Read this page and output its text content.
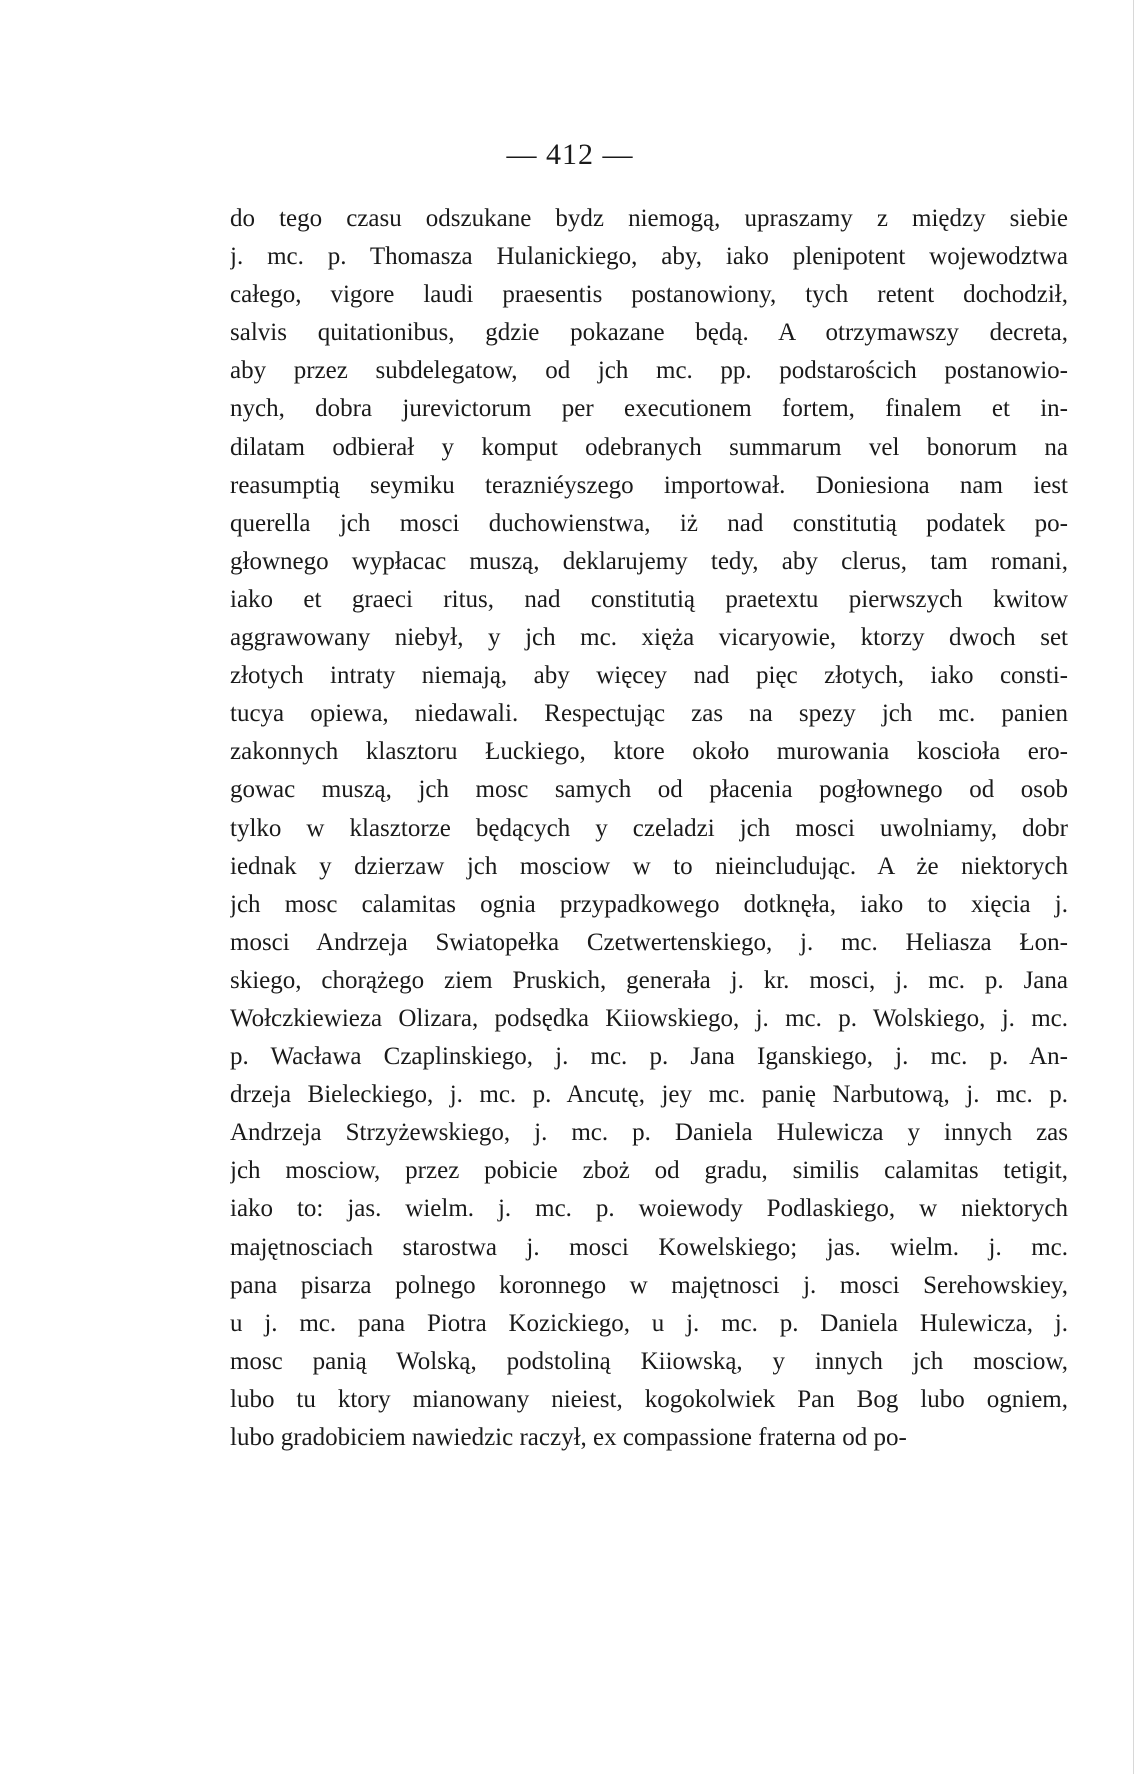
— 412 —
do tego czasu odszukane bydz niemogą, upraszamy z między siebie
j. mc. p. Thomasza Hulanickiego, aby, iako plenipotent wojewodztwa
całego, vigore laudi praesentis postanowiony, tych retent dochodził,
salvis quitationibus, gdzie pokazane będą. A otrzymawszy decreta,
aby przez subdelegatow, od jch mc. pp. podstarościch postanowio-
nych, dobra jurevictorum per executionem fortem, finalem et in-
dilatam odbierał y komput odebranych summarum vel bonorum na
reasumptią seymiku terazniéyszego importował. Doniesiona nam iest
querella jch mosci duchowienstwa, iż nad constitutią podatek po-
głownego wypłacac muszą, deklarujemy tedy, aby clerus, tam romani,
iako et graeci ritus, nad constitutią praetextu pierwszych kwitow
aggrawowany niebył, y jch mc. xięża vicaryowie, ktorzy dwoch set
złotych intraty niemają, aby więcey nad pięc złotych, iako consti-
tucya opiewa, niedawali. Respectując zas na spezy jch mc. panien
zakonnych klasztoru Łuckiego, ktore około murowania koscioła ero-
gowac muszą, jch mosc samych od płacenia pogłownego od osob
tylko w klasztorze będących y czeladzi jch mosci uwolniamy, dobr
iednak y dzierzaw jch mosciow w to nieincludując. A że niektorych
jch mosc calamitas ognia przypadkowego dotknęła, iako to xięcia j.
mosci Andrzeja Swiatopełka Czetwertenskiego, j. mc. Heliasza Łon-
skiego, chorążego ziem Pruskich, generała j. kr. mosci, j. mc. p. Jana
Wołczkiewieza Olizara, podsędka Kiiowskiego, j. mc. p. Wolskiego, j. mc.
p. Wacława Czaplinskiego, j. mc. p. Jana Iganskiego, j. mc. p. An-
drzeja Bieleckiego, j. mc. p. Ancutę, jey mc. panię Narbutową, j. mc. p.
Andrzeja Strzyżewskiego, j. mc. p. Daniela Hulewicza y innych zas
jch mosciow, przez pobicie zboż od gradu, similis calamitas tetigit,
iako to: jas. wielm. j. mc. p. woiewody Podlaskiego, w niektorych
majętnosciach starostwa j. mosci Kowelskiego; jas. wielm. j. mc.
pana pisarza polnego koronnego w majętnosci j. mosci Serehowskiey,
u j. mc. pana Piotra Kozickiego, u j. mc. p. Daniela Hulewicza, j.
mosc panią Wolską, podstoliną Kiiowską, y innych jch mosciow,
lubo tu ktory mianowany nieiest, kogokolwiek Pan Bog lubo ogniem,
lubo gradobiciem nawiedzic raczył, ex compassione fraterna od po-
